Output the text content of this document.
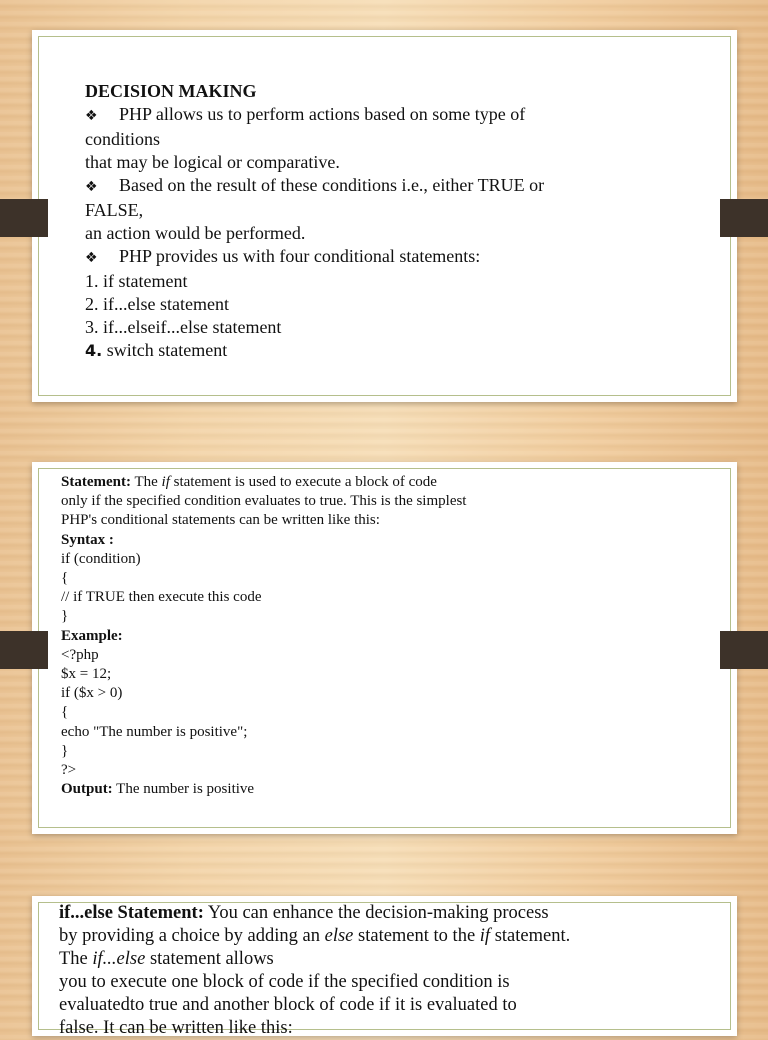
DECISION MAKING
❖ PHP allows us to perform actions based on some type of
conditions
that may be logical or comparative.
❖ Based on the result of these conditions i.e., either TRUE or
FALSE,
an action would be performed.
❖ PHP provides us with four conditional statements:
1. if statement
2. if...else statement
3. if...elseif...else statement
4. switch statement
Statement: The if statement is used to execute a block of code
only if the specified condition evaluates to true. This is the simplest
PHP's conditional statements can be written like this:
Syntax :
if (condition)
{
// if TRUE then execute this code
}
Example:
<?php
$x = 12;
if ($x > 0)
{
echo "The number is positive";
}
?>
Output: The number is positive
if...else Statement: You can enhance the decision-making process
by providing a choice by adding an else statement to the if statement.
The if...else statement allows
you to execute one block of code if the specified condition is
evaluatedto true and another block of code if it is evaluated to
false. It can be written like this:
